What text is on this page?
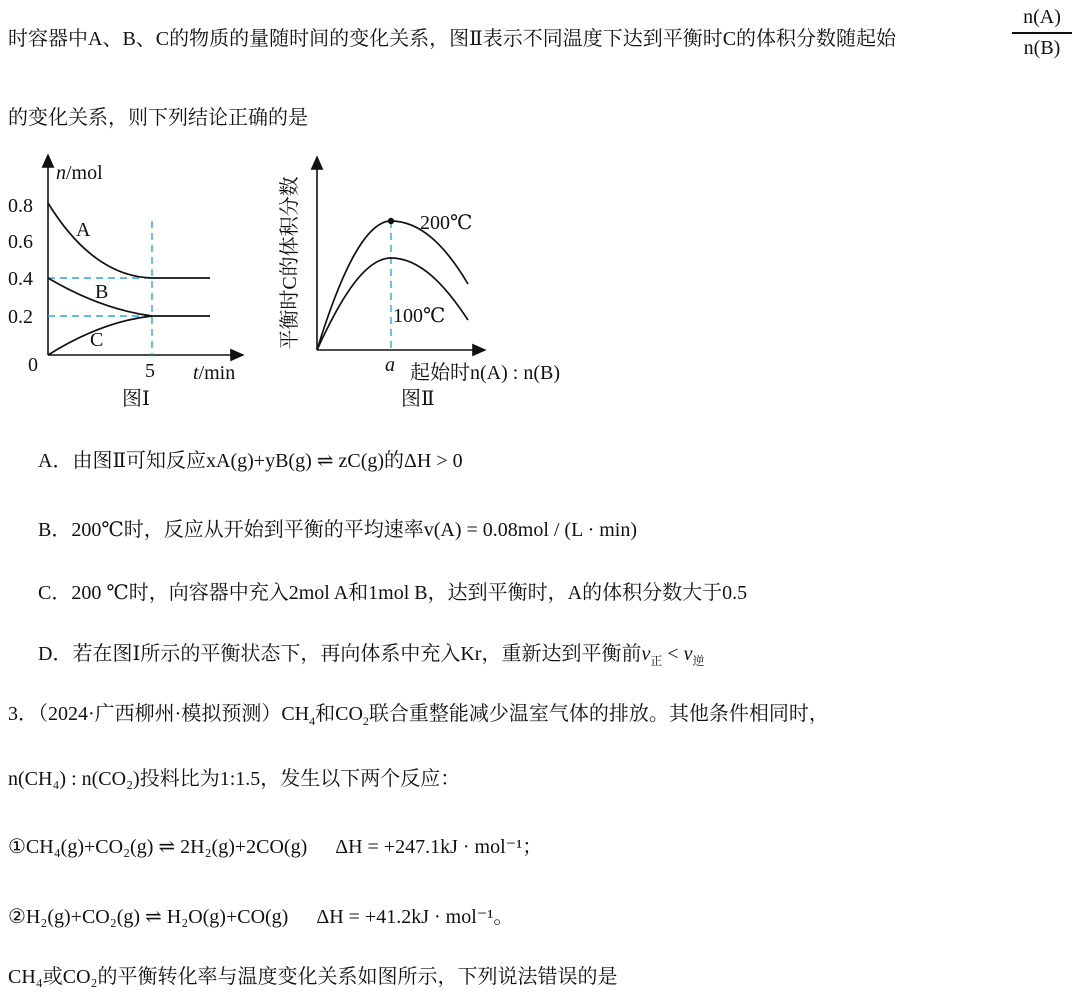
时容器中A、B、C的物质的量随时间的变化关系，图Ⅱ表示不同温度下达到平衡时C的体积分数随起始
n(A)
n(B)
的变化关系，则下列结论正确的是
n/mol
t/min
0.8
0.6
0.4
0.2
0	5
A
B
C
图Ⅰ
平衡时C的体积分数	200℃
100℃
a 起始时n(A) : n(B)
图Ⅱ
A．由图Ⅱ可知反应xA(g)+yB(g) ⇌ zC(g)的ΔH > 0
B．200℃时，反应从开始到平衡的平均速率v(A) = 0.08mol / (L · min)
C．200 ℃时，向容器中充入2mol A和1mol B，达到平衡时，A的体积分数大于0.5
D．若在图Ⅰ所示的平衡状态下，再向体系中充入Kr，重新达到平衡前$v_正 < v_逆$
3．（2024·广西柳州·模拟预测）$CH_4$和$CO_2$联合重整能减少温室气体的排放。其他条件相同时，
n(CH₄) : n(CO₂)投料比为1:1.5，发生以下两个反应：
①CH₄(g)+CO₂(g) ⇌ 2H₂(g)+2CO(g) ΔH = +247.1kJ · mol⁻¹；
②H₂(g)+CO₂(g) ⇌ H₂O(g)+CO(g) ΔH = +41.2kJ · mol⁻¹。
CH₄或CO₂的平衡转化率与温度变化关系如图所示，下列说法错误的是
